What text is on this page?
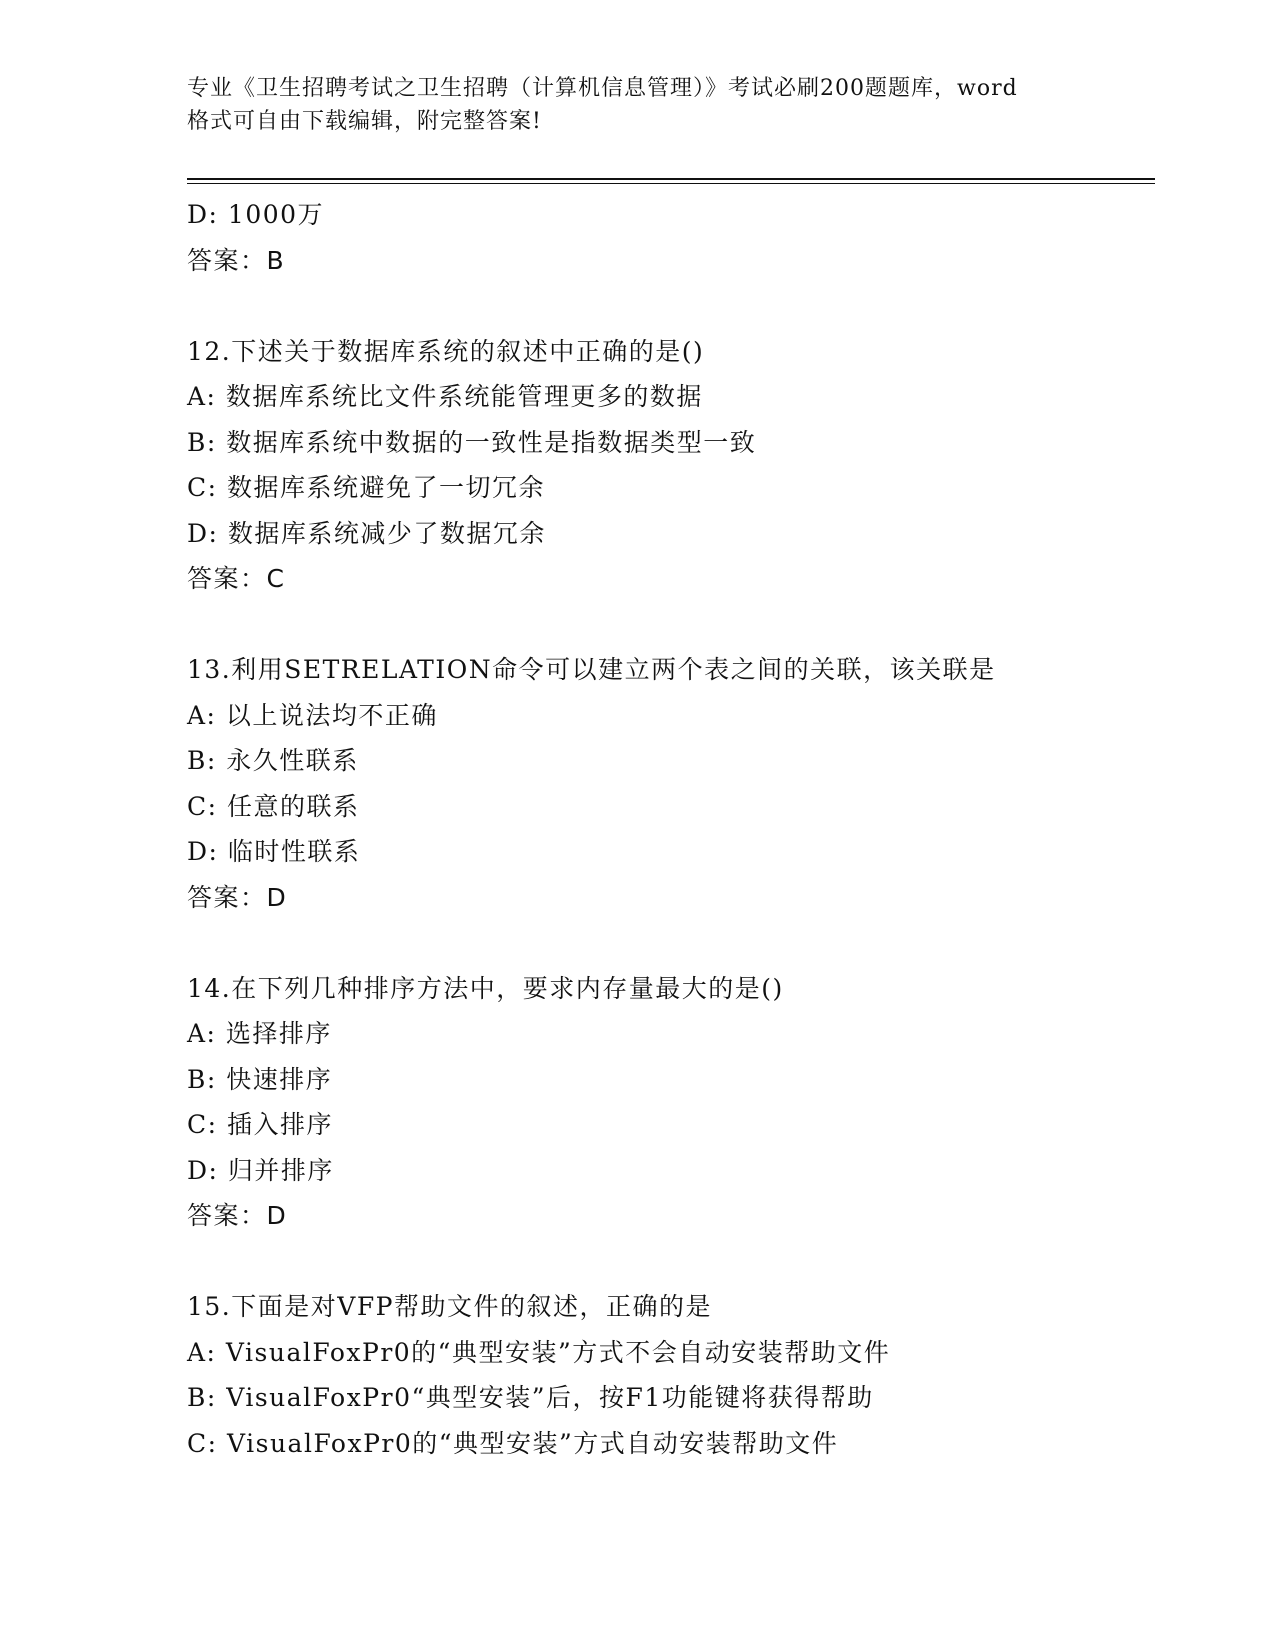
专业《卫生招聘考试之卫生招聘（计算机信息管理）》考试必刷200题题库，word
格式可自由下载编辑，附完整答案!
D: 1000万
答案：B
12.下述关于数据库系统的叙述中正确的是()
A: 数据库系统比文件系统能管理更多的数据
B: 数据库系统中数据的一致性是指数据类型一致
C: 数据库系统避免了一切冗余
D: 数据库系统减少了数据冗余
答案：C
13.利用SETRELATION命令可以建立两个表之间的关联，该关联是
A: 以上说法均不正确
B: 永久性联系
C: 任意的联系
D: 临时性联系
答案：D
14.在下列几种排序方法中，要求内存量最大的是()
A: 选择排序
B: 快速排序
C: 插入排序
D: 归并排序
答案：D
15.下面是对VFP帮助文件的叙述，正确的是
A: VisualFoxPr0的“典型安装”方式不会自动安装帮助文件
B: VisualFoxPr0“典型安装”后，按F1功能键将获得帮助
C: VisualFoxPr0的“典型安装”方式自动安装帮助文件
